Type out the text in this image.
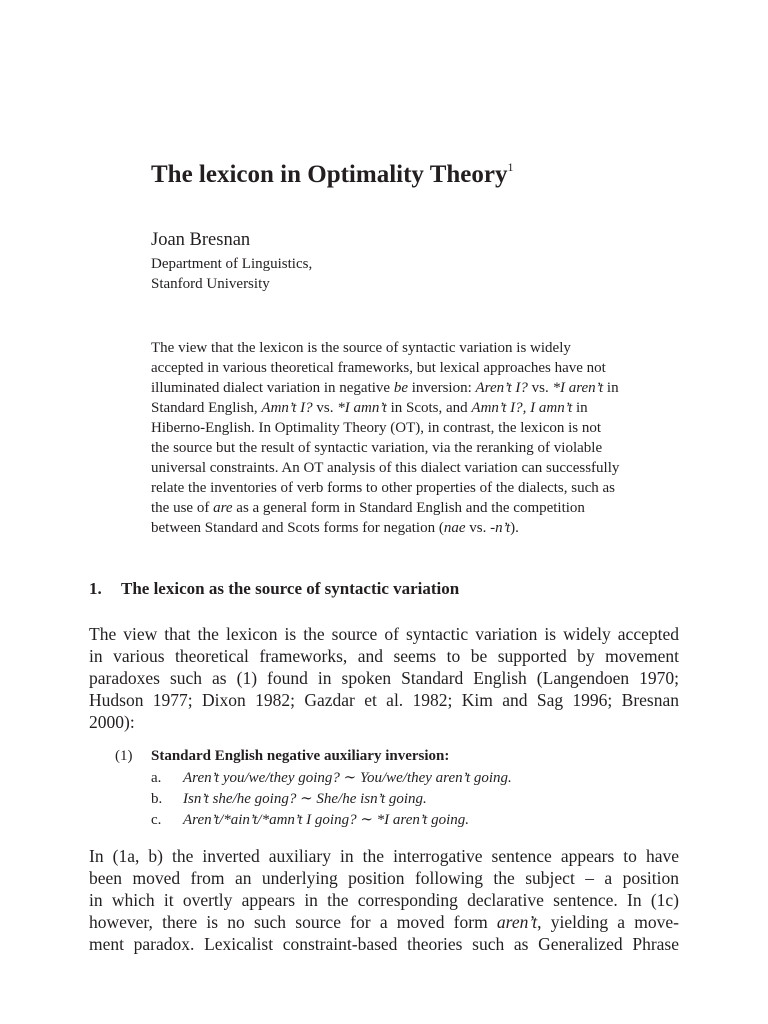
The lexicon in Optimality Theory$^1$
Joan Bresnan
Department of Linguistics,
Stanford University
The view that the lexicon is the source of syntactic variation is widely
accepted in various theoretical frameworks, but lexical approaches have not
illuminated dialect variation in negative be inversion: Aren’t I? vs. *I aren’t in
Standard English, Amn’t I? vs. *I amn’t in Scots, and Amn’t I?, I amn’t in
Hiberno-English. In Optimality Theory (OT), in contrast, the lexicon is not
the source but the result of syntactic variation, via the reranking of violable
universal constraints. An OT analysis of this dialect variation can successfully
relate the inventories of verb forms to other properties of the dialects, such as
the use of are as a general form in Standard English and the competition
between Standard and Scots forms for negation (nae vs. -n’t).
1. The lexicon as the source of syntactic variation
The view that the lexicon is the source of syntactic variation is widely accepted
in various theoretical frameworks, and seems to be supported by movement
paradoxes such as (1) found in spoken Standard English (Langendoen 1970;
Hudson 1977; Dixon 1982; Gazdar et al. 1982; Kim and Sag 1996; Bresnan
2000):
(1) Standard English negative auxiliary inversion:
a. Aren’t you/we/they going? ∼ You/we/they aren’t going.
b. Isn’t she/he going? ∼ She/he isn’t going.
c. Aren’t/*ain’t/*amn’t I going? ∼ *I aren’t going.
In (1a, b) the inverted auxiliary in the interrogative sentence appears to have
been moved from an underlying position following the subject – a position
in which it overtly appears in the corresponding declarative sentence. In (1c)
however, there is no such source for a moved form aren’t, yielding a move-
ment paradox. Lexicalist constraint-based theories such as Generalized Phrase
